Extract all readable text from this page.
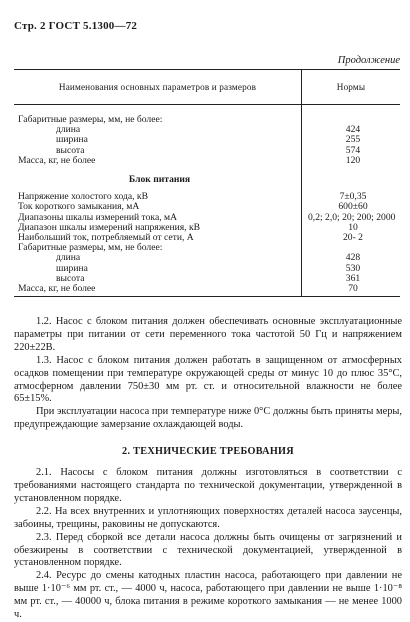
Стр. 2 ГОСТ 5.1300—72
Продолжение
Наименования основных параметров и размеров	Нормы
Габаритные размеры, мм, не более:	
длина	424
ширина	255
высота	574
Масса, кг, не более	120
Блок питания	
Напряжение холостого хода, кВ	7±0,35
Ток короткого замыкания, мА	600±60
Диапазоны шкалы измерений тока, мА	0,2; 2,0; 20; 200; 2000
Диапазон шкалы измерений напряжения, кВ	10
Наибольший ток, потребляемый от сети, А	20- 2
Габаритные размеры, мм, не более:	
длина	428
ширина	530
высота	361
Масса, кг, не более	70

1.2. Насос с блоком питания должен обеспечивать основные эксплуатационные параметры при питании от сети переменного тока частотой 50 Гц и напряжением 220±22В.

1.3. Насос с блоком питания должен работать в защищенном от атмосферных осадков помещении при температуре окружающей среды от минус 10 до плюс 35°С, атмосферном давлении 750±30 мм рт. ст. и относительной влажности не более 65±15%.

При эксплуатации насоса при температуре ниже 0°С должны быть приняты меры, предупреждающие замерзание охлаждающей воды.

2. ТЕХНИЧЕСКИЕ ТРЕБОВАНИЯ

2.1. Насосы с блоком питания должны изготовляться в соответствии с требованиями настоящего стандарта по технической документации, утвержденной в установленном порядке.

2.2. На всех внутренних и уплотняющих поверхностях деталей насоса заусенцы, забоины, трещины, раковины не допускаются.

2.3. Перед сборкой все детали насоса должны быть очищены от загрязнений и обезжирены в соответствии с технической документацией, утвержденной в установленном порядке.

2.4. Ресурс до смены катодных пластин насоса, работающего при давлении не выше 1·10⁻⁶ мм рт. ст., — 4000 ч, насоса, работающего при давлении не выше 1·10⁻⁸ мм рт. ст., — 40000 ч, блока питания в режиме короткого замыкания — не менее 1000 ч.
